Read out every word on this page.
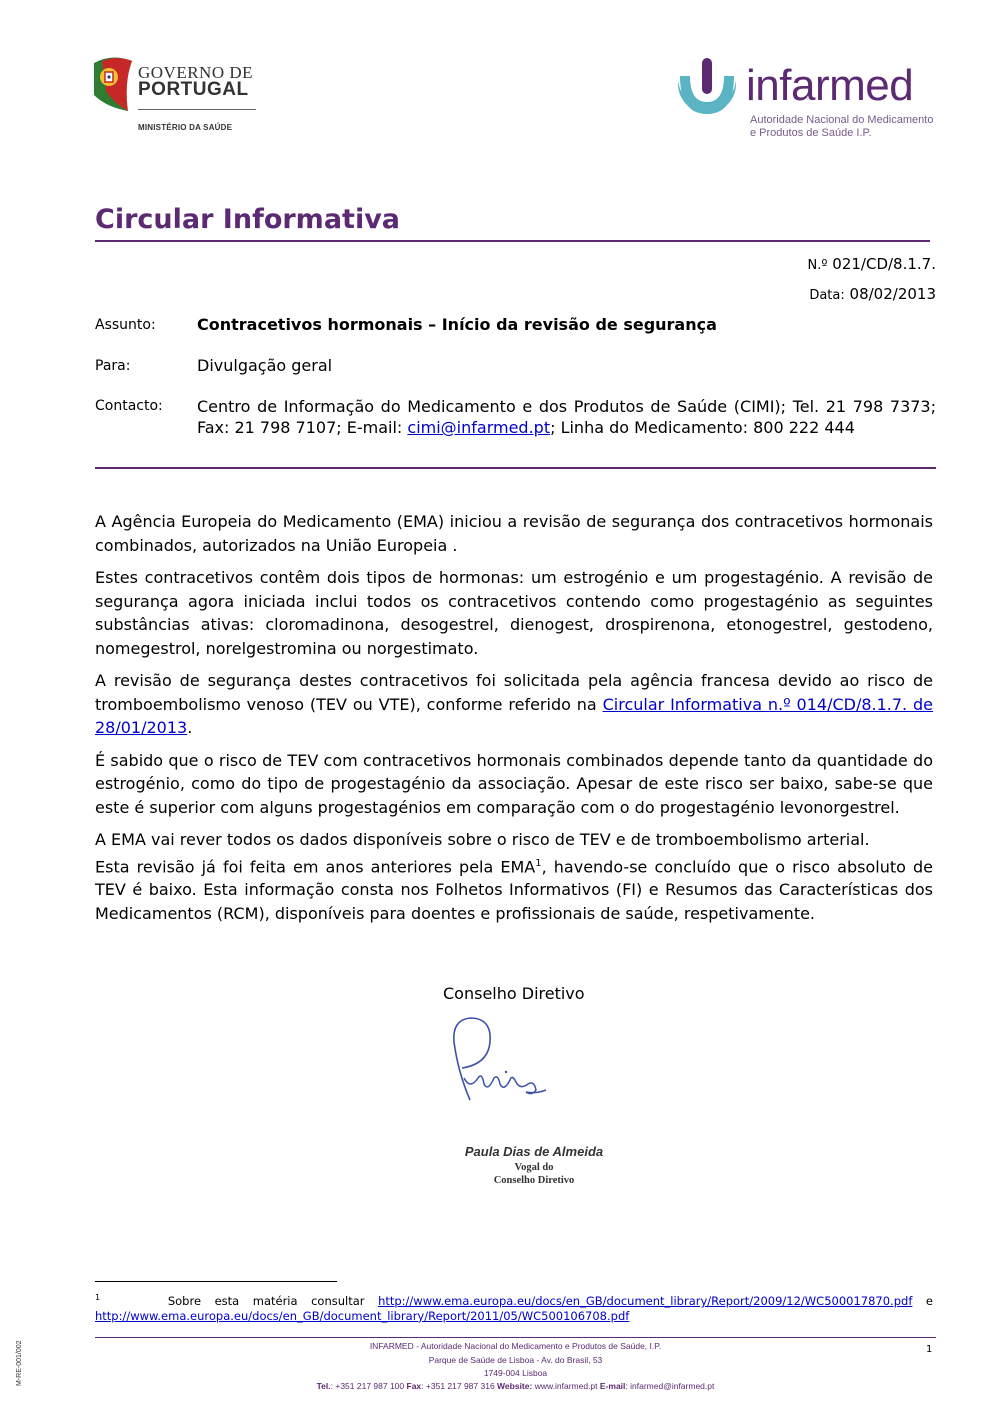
GOVERNO DE
PORTUGAL
MINISTÉRIO DA SAÚDE
infarmed
Autoridade Nacional do Medicamento
e Produtos de Saúde I.P.
Circular Informativa
N.º 021/CD/8.1.7.
Data: 08/02/2013
Assunto:	Contracetivos hormonais – Início da revisão de segurança
Para:	Divulgação geral
Contacto: Centro de Informação do Medicamento e dos Produtos de Saúde (CIMI); Tel. 21 798 7373; Fax: 21 798 7107; E-mail: cimi@infarmed.pt; Linha do Medicamento: 800 222 444

A Agência Europeia do Medicamento (EMA) iniciou a revisão de segurança dos contracetivos hormonais combinados, autorizados na União Europeia .

Estes contracetivos contêm dois tipos de hormonas: um estrogénio e um progestagénio. A revisão de segurança agora iniciada inclui todos os contracetivos contendo como progestagénio as seguintes substâncias ativas: cloromadinona, desogestrel, dienogest, drospirenona, etonogestrel, gestodeno, nomegestrol, norelgestromina ou norgestimato.

A revisão de segurança destes contracetivos foi solicitada pela agência francesa devido ao risco de tromboembolismo venoso (TEV ou VTE), conforme referido na Circular Informativa n.º 014/CD/8.1.7. de 28/01/2013.

É sabido que o risco de TEV com contracetivos hormonais combinados depende tanto da quantidade do estrogénio, como do tipo de progestagénio da associação. Apesar de este risco ser baixo, sabe-se que este é superior com alguns progestagénios em comparação com o do progestagénio levonorgestrel.

A EMA vai rever todos os dados disponíveis sobre o risco de TEV e de tromboembolismo arterial.

Esta revisão já foi feita em anos anteriores pela EMA$^1$, havendo-se concluído que o risco absoluto de TEV é baixo. Esta informação consta nos Folhetos Informativos (FI) e Resumos das Características dos Medicamentos (RCM), disponíveis para doentes e profissionais de saúde, respetivamente.

Conselho Diretivo
Paula Dias de Almeida
Vogal do
Conselho Diretivo
$^1$	Sobre esta matéria consultar http://www.ema.europa.eu/docs/en_GB/document_library/Report/2009/12/WC500017870.pdf e http://www.ema.europa.eu/docs/en_GB/document_library/Report/2011/05/WC500106708.pdf
INFARMED - Autoridade Nacional do Medicamento e Produtos de Saúde, I.P.
Parque de Saúde de Lisboa - Av. do Brasil, 53
1749-004 Lisboa
Tel.: +351 217 987 100 Fax: +351 217 987 316 Website: www.infarmed.pt E-mail: infarmed@infarmed.pt
1
M-RE-001/002
